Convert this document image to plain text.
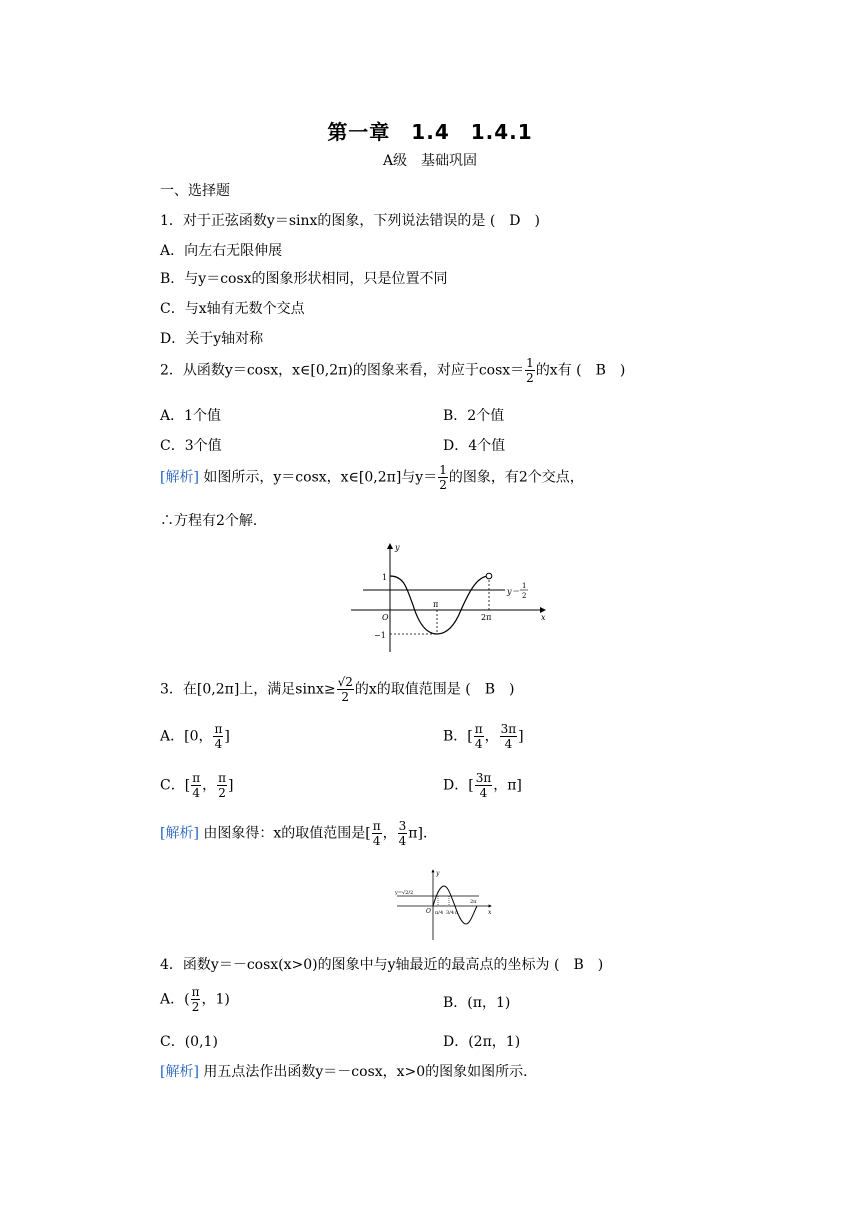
第一章　1.4　1.4.1
A级　基础巩固
一、选择题
1．对于正弦函数y＝sinx的图象，下列说法错误的是 (　D　)
A．向左右无限伸展
B．与y＝cosx的图象形状相同，只是位置不同
C．与x轴有无数个交点
D．关于y轴对称
2．从函数y＝cosx，x∈[0,2π)的图象来看，对应于$\cos x= \frac{1}{2}$ 的x有 (　B　)
A．1个值	B．2个值
C．3个值	D．4个值
[解析] 如图所示，y＝cosx，x∈[0,2π]与$y= \frac{1}{2}$ 的图象，有2个交点，
∴方程有2个解．
y
x
O
1
−1
π
2π
y＝
1
2
3．在[0,2π]上，满足$\sin x\ge \frac{√2}{2}$ 的x的取值范围是 (　B　)
A．[0， $\frac{\pi}{4}$ ]	B．[ $\frac{\pi}{4}$ ， $\frac{3\pi}{4}$ ]
C．[ $\frac{\pi}{4}$ ， $\frac{\pi}{2}$ ]	D．[ $\frac{3\pi}{4}$ ，π]
[解析] 由图象得：x的取值范围是[ $\frac{\pi}{4}$ ， $\frac{3}{4} \pi$]．
y
x
O
y=√2/2
2π
π/4 3/4 π
4．函数y＝－cosx(x>0)的图象中与y轴最近的最高点的坐标为 (　B　)
A．( $\frac{\pi}{2}$ ，1)	B．(π，1)
C．(0,1)	D．(2π，1)
[解析] 用五点法作出函数y＝－cosx，x>0的图象如图所示．
